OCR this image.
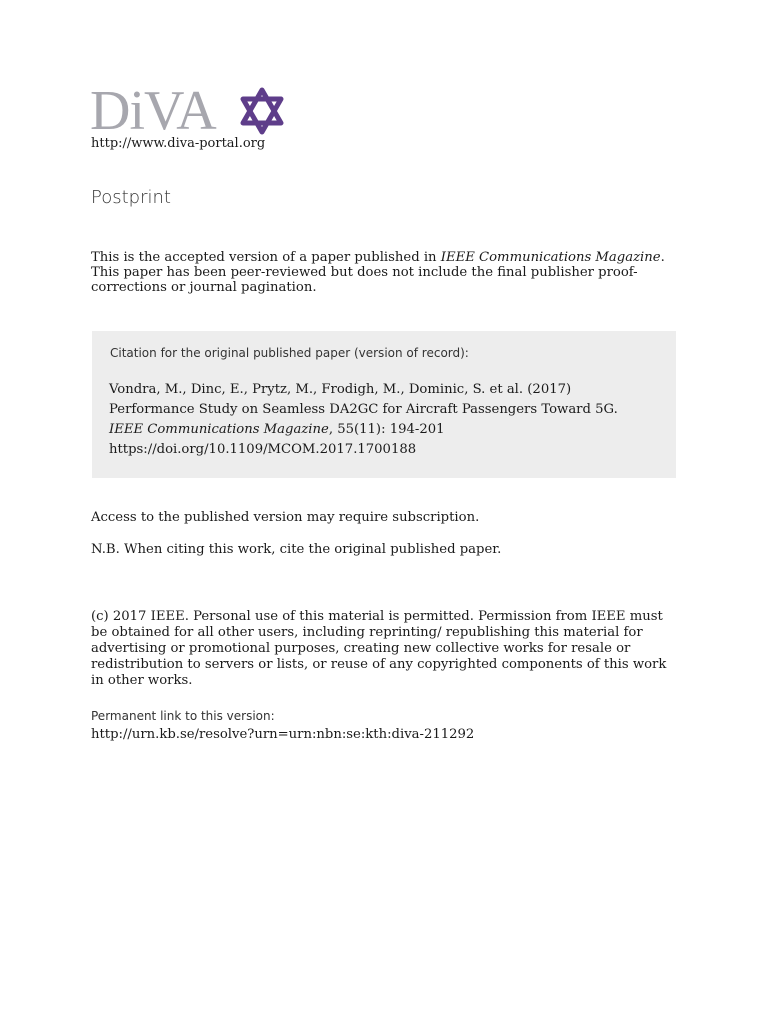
DiVA
http://www.diva-portal.org
Postprint

This is the accepted version of a paper published in IEEE Communications Magazine. This paper has been peer-reviewed but does not include the final publisher proof-corrections or journal pagination.

Citation for the original published paper (version of record):
Vondra, M., Dinc, E., Prytz, M., Frodigh, M., Dominic, S. et al. (2017)
Performance Study on Seamless DA2GC for Aircraft Passengers Toward 5G.
IEEE Communications Magazine, 55(11): 194-201
https://doi.org/10.1109/MCOM.2017.1700188
Access to the published version may require subscription.
N.B. When citing this work, cite the original published paper.

(c) 2017 IEEE. Personal use of this material is permitted. Permission from IEEE must be obtained for all other users, including reprinting/ republishing this material for advertising or promotional purposes, creating new collective works for resale or redistribution to servers or lists, or reuse of any copyrighted components of this work in other works.

Permanent link to this version:
http://urn.kb.se/resolve?urn=urn:nbn:se:kth:diva-211292
